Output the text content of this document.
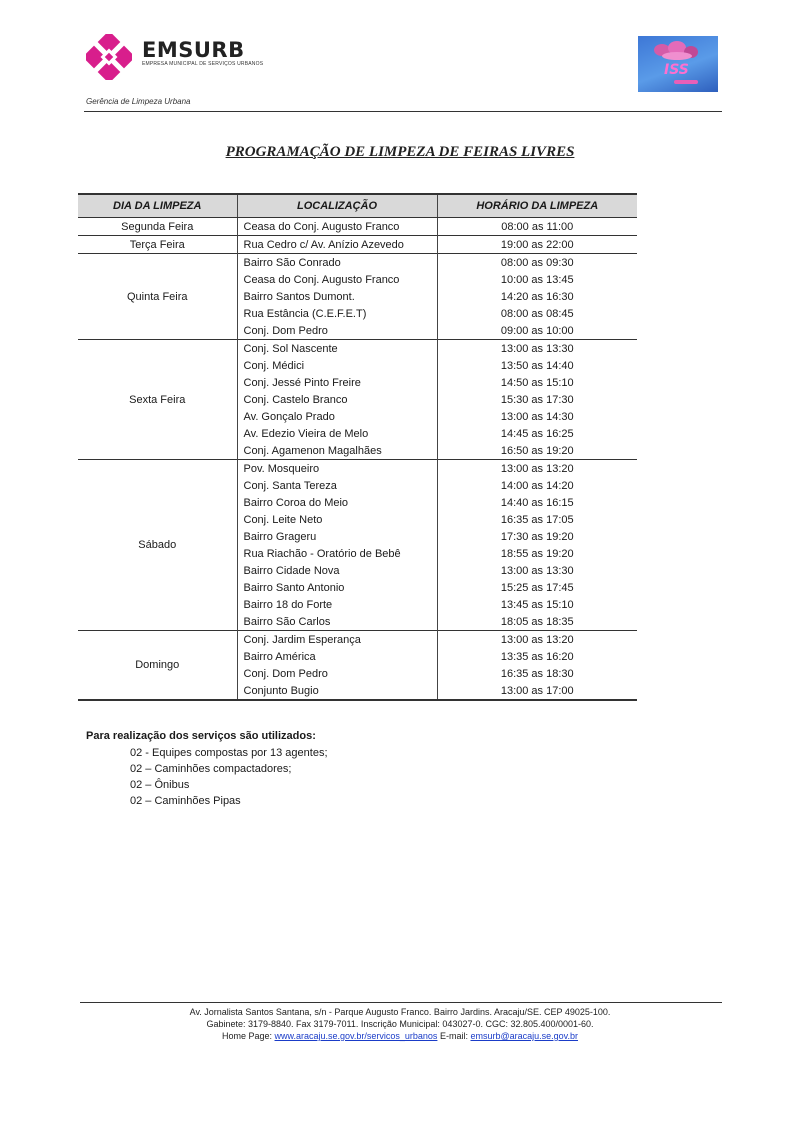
EMSURB
EMPRESA MUNICIPAL DE SERVIÇOS URBANOS	ISS
Gerência de Limpeza Urbana
PROGRAMAÇÃO DE LIMPEZA DE FEIRAS LIVRES
DIA DA LIMPEZA	LOCALIZAÇÃO	HORÁRIO DA LIMPEZA
Segunda Feira	Ceasa do Conj. Augusto Franco	08:00 as 11:00
Terça Feira	Rua Cedro c/ Av. Anízio Azevedo	19:00 as 22:00
Quinta Feira	Bairro São Conrado	08:00 as 09:30
	Ceasa do Conj. Augusto Franco	10:00 as 13:45
	Bairro Santos Dumont.	14:20 as 16:30
	Rua Estância (C.E.F.E.T)	08:00 as 08:45
	Conj. Dom Pedro	09:00 as 10:00
Sexta Feira	Conj. Sol Nascente	13:00 as 13:30
	Conj. Médici	13:50 as 14:40
	Conj. Jessé Pinto Freire	14:50 as 15:10
	Conj. Castelo Branco	15:30 as 17:30
	Av. Gonçalo Prado	13:00 as 14:30
	Av. Edezio Vieira de Melo	14:45 as 16:25
	Conj. Agamenon Magalhães	16:50 as 19:20
Sábado	Pov. Mosqueiro	13:00 as 13:20
	Conj. Santa Tereza	14:00 as 14:20
	Bairro Coroa do Meio	14:40 as 16:15
	Conj. Leite Neto	16:35 as 17:05
	Bairro Grageru	17:30 as 19:20
	Rua Riachão - Oratório de Bebê	18:55 as 19:20
	Bairro Cidade Nova	13:00 as 13:30
	Bairro Santo Antonio	15:25 as 17:45
	Bairro 18 do Forte	13:45 as 15:10
	Bairro São Carlos	18:05 as 18:35
Domingo	Conj. Jardim Esperança	13:00 as 13:20
	Bairro América	13:35 as 16:20
	Conj. Dom Pedro	16:35 as 18:30
	Conjunto Bugio	13:00 as 17:00
Para realização dos serviços são utilizados:
02 - Equipes compostas por 13 agentes;
02 – Caminhões compactadores;
02 – Ônibus
02 – Caminhões Pipas
Av. Jornalista Santos Santana, s/n - Parque Augusto Franco. Bairro Jardins. Aracaju/SE. CEP 49025-100.
Gabinete: 3179-8840. Fax 3179-7011. Inscrição Municipal: 043027-0. CGC: 32.805.400/0001-60.
Home Page: www.aracaju.se.gov.br/servicos_urbanos E-mail: emsurb@aracaju.se.gov.br
